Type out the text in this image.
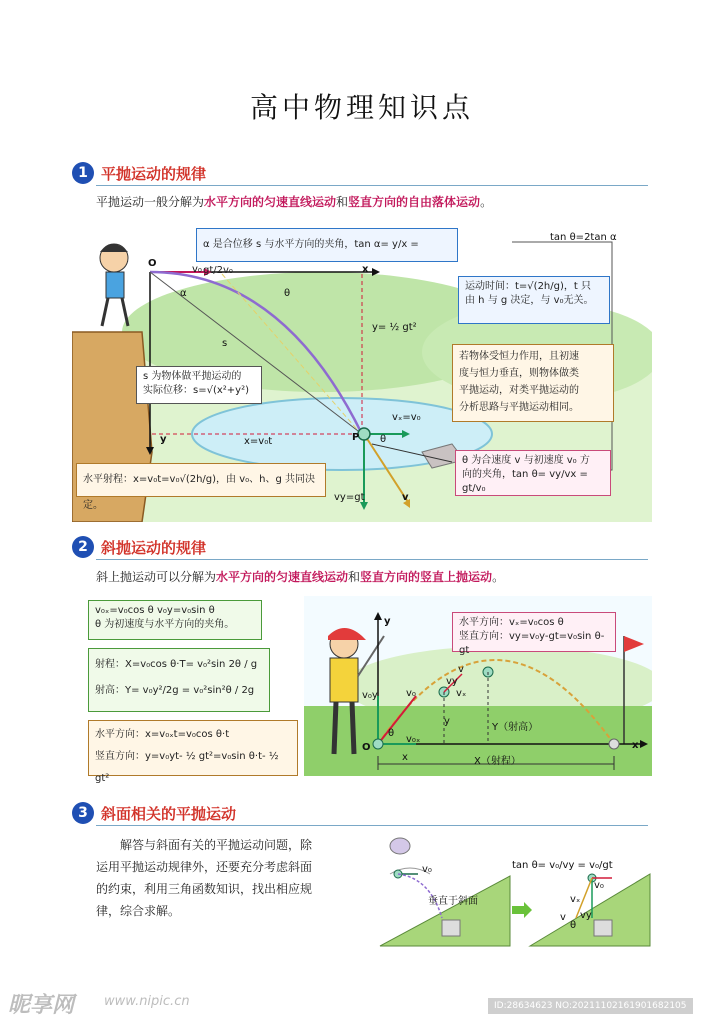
高中物理知识点
1 平抛运动的规律
平抛运动一般分解为水平方向的匀速直线运动和竖直方向的自由落体运动。
α 是合位移 s 与水平方向的夹角，tan α= y/x = gt/2v₀
tan θ=2tan α
运动时间：t=√(2h/g)，t 只
由 h 与 g 决定，与 v₀无关。
若物体受恒力作用，且初速
度与恒力垂直，则物体做类
平抛运动，对类平抛运动的
分析思路与平抛运动相同。
s 为物体做平抛运动的
实际位移：s=√(x²+y²)
水平射程：x=v₀t=v₀√(2h/g)，由 v₀、h、g 共同决定。
θ 为合速度 v 与初速度 v₀ 方
向的夹角，tan θ= vy/vx = gt/v₀
O
x
y
v₀
α	θ
s
y= ½ gt²
x=v₀t	P
vₓ=v₀
θ
vy=gt	v
2 斜抛运动的规律
斜上抛运动可以分解为水平方向的匀速直线运动和竖直方向的竖直上抛运动。
v₀ₓ=v₀cos θ v₀y=v₀sin θ
θ 为初速度与水平方向的夹角。
射程：X=v₀cos θ·T= v₀²sin 2θ / g
射高：Y= v₀y²/2g = v₀²sin²θ / 2g
水平方向：x=v₀ₓt=v₀cos θ·t
竖直方向：y=v₀yt- ½ gt²=v₀sin θ·t- ½ gt²
水平方向：vₓ=v₀cos θ
竖直方向：vy=v₀y-gt=v₀sin θ-gt
y
v₀y	v₀
v
vy
vₓ
O
θ
v₀ₓ
x
y
Y（射高）
X（射程）
x
3 斜面相关的平抛运动
解答与斜面有关的平抛运动问题，除
运用平抛运动规律外，还要充分考虑斜面
的约束，利用三角函数知识，找出相应规
律，综合求解。
v₀	tan θ= v₀/vy = v₀/gt
垂直于斜面
v₀
vₓ
vy
v
θ
昵享网 www.nipic.cn	ID:28634623 NO:20211102161901682105
